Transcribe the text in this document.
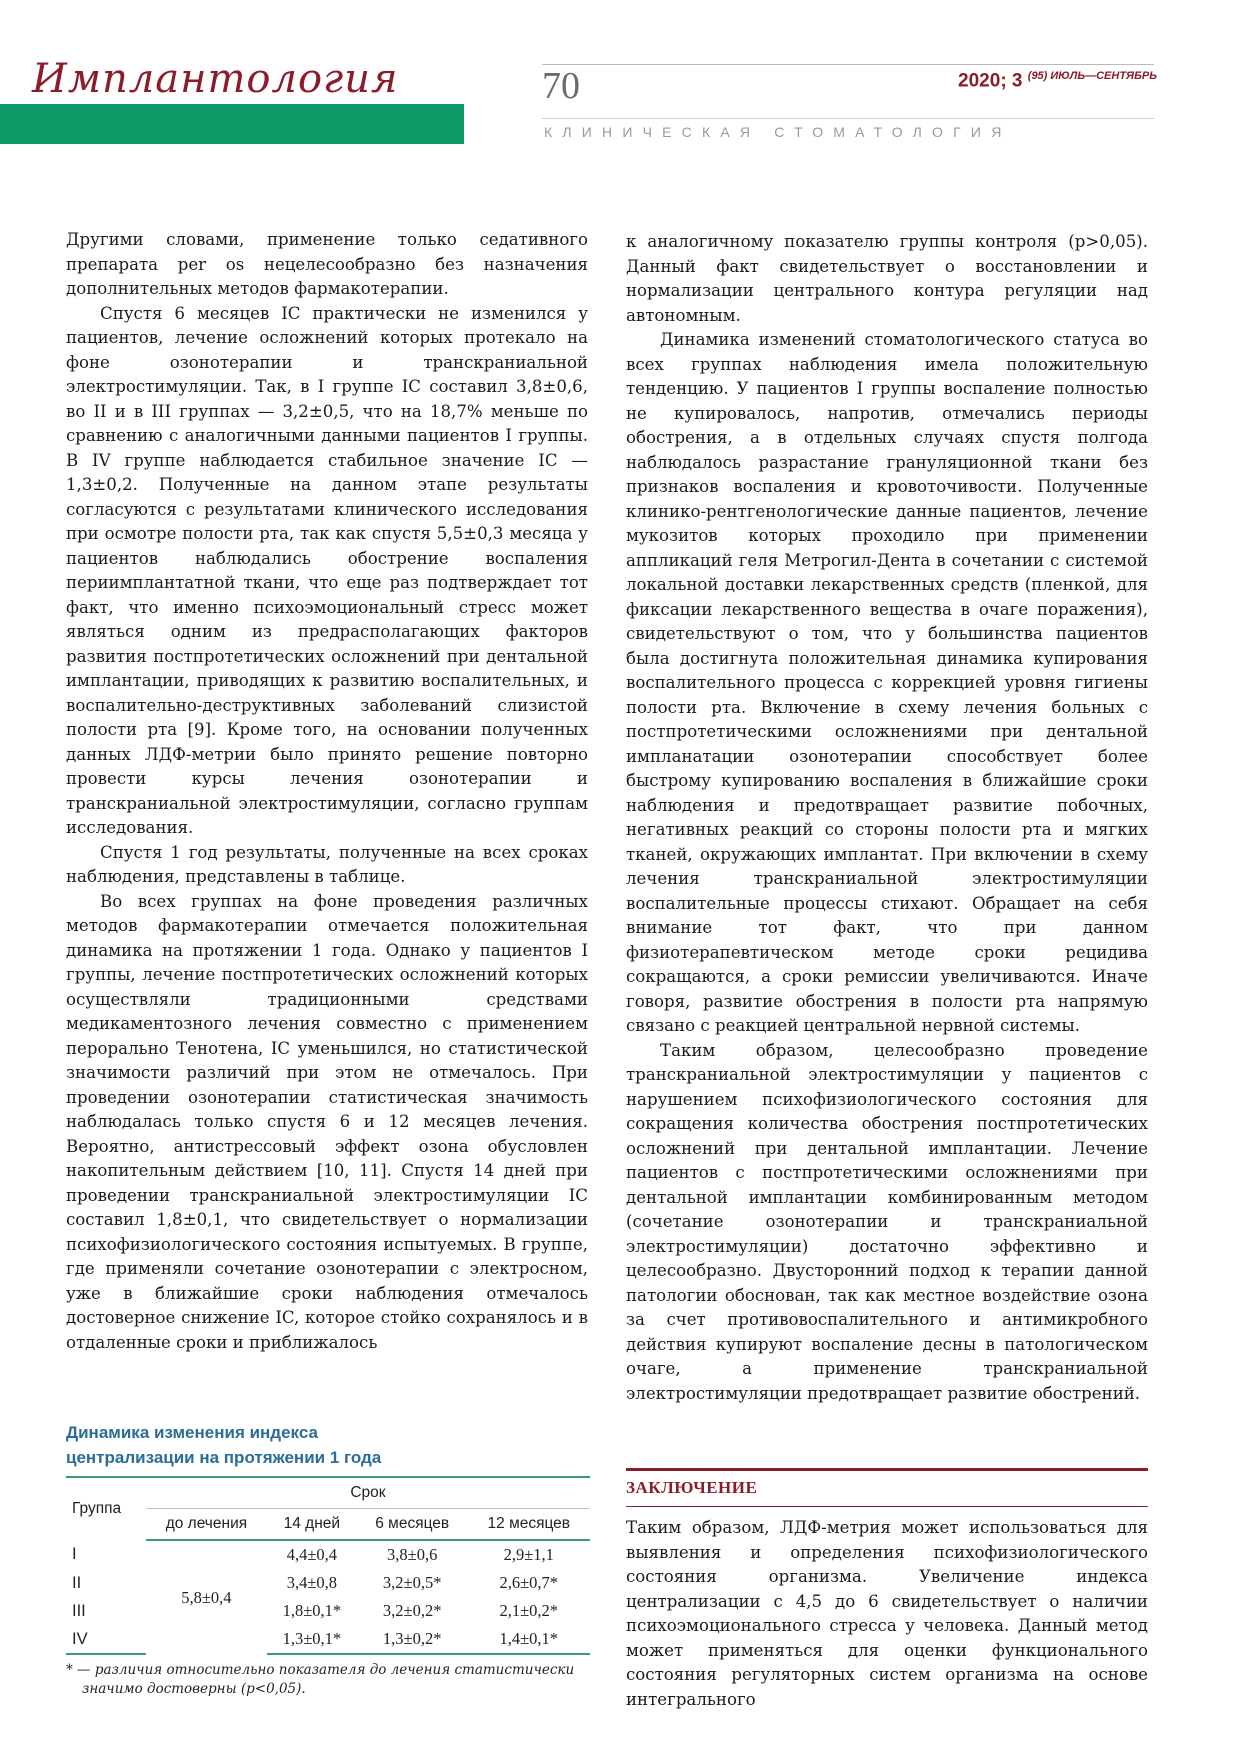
Имплантология	70	2020; 3 $^{(95) ИЮЛЬ—СЕНТЯБРЬ}$
КЛИНИЧЕСКАЯ СТОМАТОЛОГИЯ

Другими словами, применение только седативного препарата per os нецелесообразно без назначения дополнительных методов фармакотерапии.

Спустя 6 месяцев IC практически не изменился у пациентов, лечение осложнений которых протекало на фоне озонотерапии и транскраниальной электростимуляции. Так, в I группе IC составил 3,8±0,6, во II и в III группах — 3,2±0,5, что на 18,7% меньше по сравнению с аналогичными данными пациентов I группы. В IV группе наблюдается стабильное значение IC —1,3±0,2. Полученные на данном этапе результаты согласуются с результатами клинического исследования при осмотре полости рта, так как спустя 5,5±0,3 месяца у пациентов наблюдались обострение воспаления периимплантатной ткани, что еще раз подтверждает тот факт, что именно психоэмоциональный стресс может являться одним из предрасполагающих факторов развития постпротетических осложнений при дентальной имплантации, приводящих к развитию воспалительных, и воспалительно-деструктивных заболеваний слизистой полости рта [9]. Кроме того, на основании полученных данных ЛДФ-метрии было принято решение повторно провести курсы лечения озонотерапии и транскраниальной электростимуляции, согласно группам исследования.

Спустя 1 год результаты, полученные на всех сроках наблюдения, представлены в таблице.

Во всех группах на фоне проведения различных методов фармакотерапии отмечается положительная динамика на протяжении 1 года. Однако у пациентов I группы, лечение постпротетических осложнений которых осуществляли традиционными средствами медикаментозного лечения совместно с применением перорально Тенотена, IC уменьшился, но статистической значимости различий при этом не отмечалось. При проведении озонотерапии статистическая значимость наблюдалась только спустя 6 и 12 месяцев лечения. Вероятно, антистрессовый эффект озона обусловлен накопительным действием [10, 11]. Спустя 14 дней при проведении транскраниальной электростимуляции IC составил 1,8±0,1, что свидетельствует о нормализации психофизиологического состояния испытуемых. В группе, где применяли сочетание озонотерапии с электросном, уже в ближайшие сроки наблюдения отмечалось достоверное снижение IC, которое стойко сохранялось и в отдаленные сроки и приближалось

к аналогичному показателю группы контроля (p>0,05). Данный факт свидетельствует о восстановлении и нормализации центрального контура регуляции над автономным.

Динамика изменений стоматологического статуса во всех группах наблюдения имела положительную тенденцию. У пациентов I группы воспаление полностью не купировалось, напротив, отмечались периоды обострения, а в отдельных случаях спустя полгода наблюдалось разрастание грануляционной ткани без признаков воспаления и кровоточивости. Полученные клинико-рентгенологические данные пациентов, лечение мукозитов которых проходило при применении аппликаций геля Метрогил-Дента в сочетании с системой локальной доставки лекарственных средств (пленкой, для фиксации лекарственного вещества в очаге поражения), свидетельствуют о том, что у большинства пациентов была достигнута положительная динамика купирования воспалительного процесса с коррекцией уровня гигиены полости рта. Включение в схему лечения больных с постпротетическими осложнениями при дентальной импланатации озонотерапии способствует более быстрому купированию воспаления в ближайшие сроки наблюдения и предотвращает развитие побочных, негативных реакций со стороны полости рта и мягких тканей, окружающих имплантат. При включении в схему лечения транскраниальной электростимуляции воспалительные процессы стихают. Обращает на себя внимание тот факт, что при данном физиотерапевтическом методе сроки рецидива сокращаются, а сроки ремиссии увеличиваются. Иначе говоря, развитие обострения в полости рта напрямую связано с реакцией центральной нервной системы.

Таким образом, целесообразно проведение транскраниальной электростимуляции у пациентов с нарушением психофизиологического состояния для сокращения количества обострения постпротетических осложнений при дентальной имплантации. Лечение пациентов с постпротетическими осложнениями при дентальной имплантации комбинированным методом (сочетание озонотерапии и транскраниальной электростимуляции) достаточно эффективно и целесообразно. Двусторонний подход к терапии данной патологии обоснован, так как местное воздействие озона за счет противовоспалительного и антимикробного действия купируют воспаление десны в патологическом очаге, а применение транскраниальной электростимуляции предотвращает развитие обострений.

Динамика изменения индекса
централизации на протяжении 1 года
Группа	Срок			
	до лечения	14 дней	6 месяцев	12 месяцев
I	5,8±0,4	4,4±0,4	3,8±0,6	2,9±1,1
II		3,4±0,8	3,2±0,5*	2,6±0,7*
III		1,8±0,1*	3,2±0,2*	2,1±0,2*
IV		1,3±0,1*	1,3±0,2*	1,4±0,1*
* — различия относительно показателя до лечения статистически значимо достоверны (p<0,05).
ЗАКЛЮЧЕНИЕ

Таким образом, ЛДФ-метрия может использоваться для выявления и определения психофизиологического состояния организма. Увеличение индекса централизации с 4,5 до 6 свидетельствует о наличии психоэмоционального стресса у человека. Данный метод может применяться для оценки функционального состояния регуляторных систем организма на основе интегрального
